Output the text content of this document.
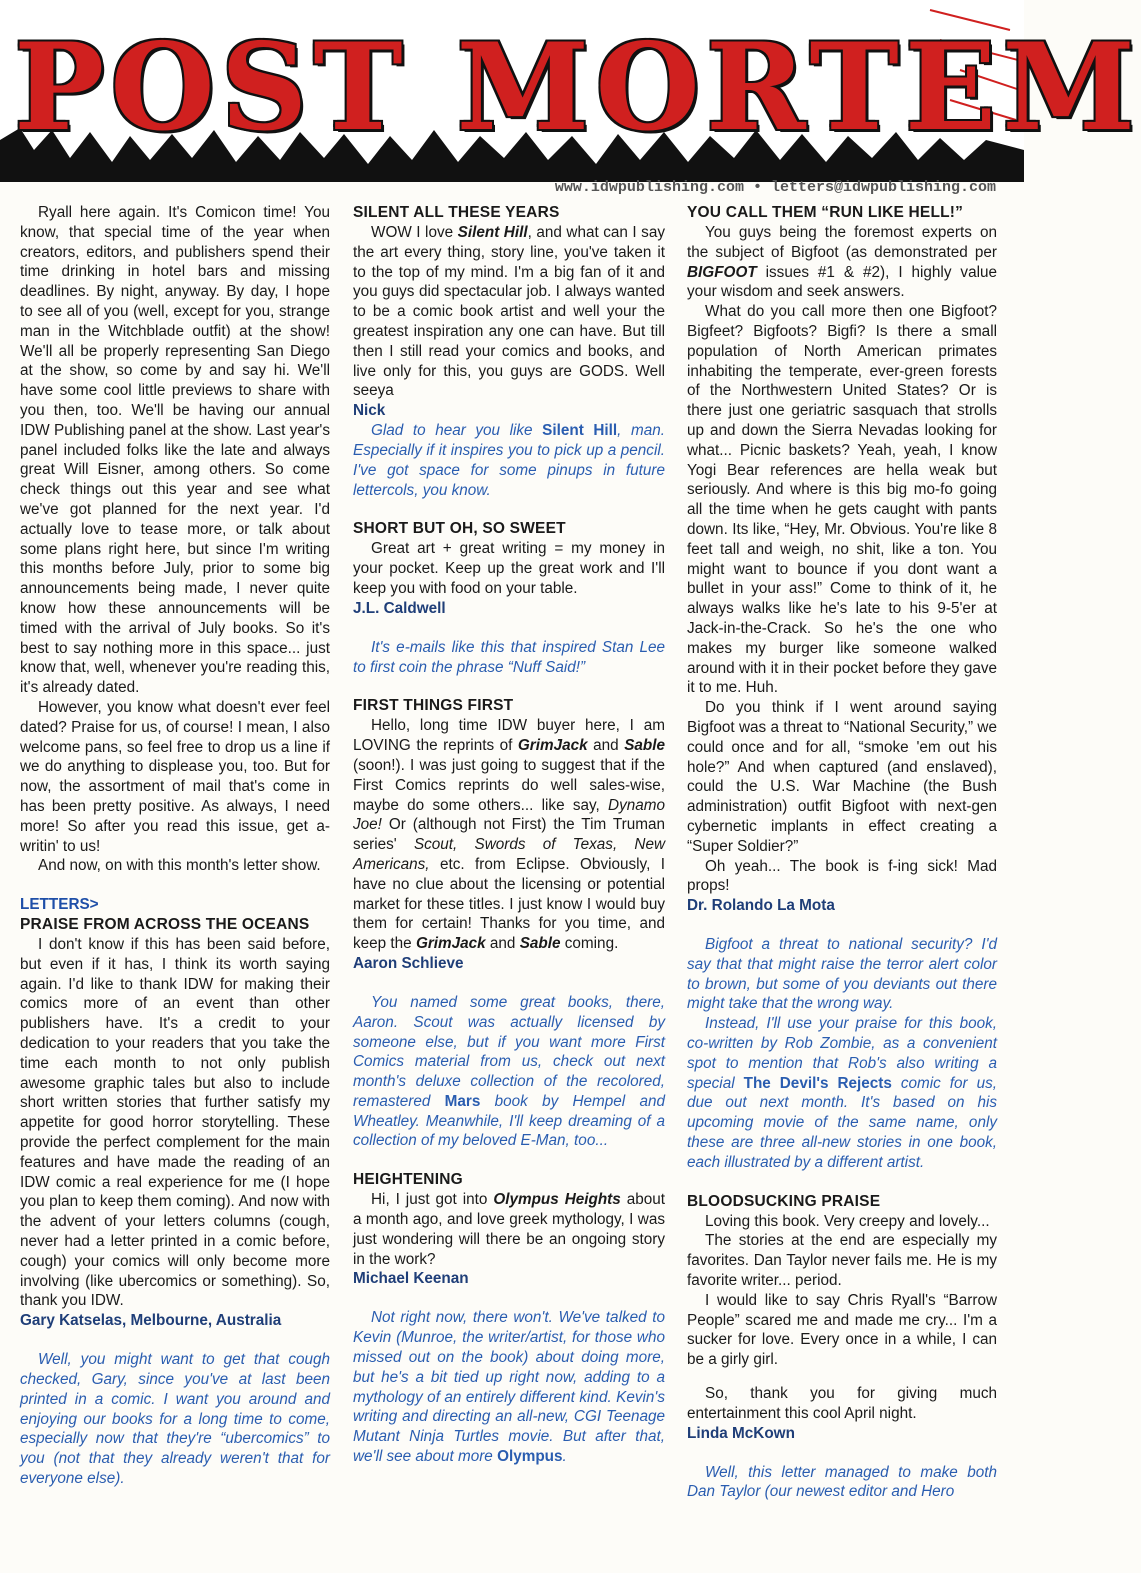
POST MORTEM
www.idwpublishing.com • letters@idwpublishing.com

Ryall here again. It's Comicon time! You know, that special time of the year when creators, editors, and publishers spend their time drinking in hotel bars and missing deadlines. By night, anyway. By day, I hope to see all of you (well, except for you, strange man in the Witchblade outfit) at the show! We'll all be properly representing San Diego at the show, so come by and say hi. We'll have some cool little previews to share with you then, too. We'll be having our annual IDW Publishing panel at the show. Last year's panel included folks like the late and always great Will Eisner, among others. So come check things out this year and see what we've got planned for the next year. I'd actually love to tease more, or talk about some plans right here, but since I'm writing this months before July, prior to some big announcements being made, I never quite know how these announcements will be timed with the arrival of July books. So it's best to say nothing more in this space... just know that, well, whenever you're reading this, it's already dated.

However, you know what doesn't ever feel dated? Praise for us, of course! I mean, I also welcome pans, so feel free to drop us a line if we do anything to displease you, too. But for now, the assortment of mail that's come in has been pretty positive. As always, I need more! So after you read this issue, get a-writin' to us!

And now, on with this month's letter show.

LETTERS>
PRAISE FROM ACROSS THE OCEANS

I don't know if this has been said before, but even if it has, I think its worth saying again. I'd like to thank IDW for making their comics more of an event than other publishers have. It's a credit to your dedication to your readers that you take the time each month to not only publish awesome graphic tales but also to include short written stories that further satisfy my appetite for good horror storytelling. These provide the perfect complement for the main features and have made the reading of an IDW comic a real experience for me (I hope you plan to keep them coming). And now with the advent of your letters columns (cough, never had a letter printed in a comic before, cough) your comics will only become more involving (like ubercomics or something). So, thank you IDW.

Gary Katselas, Melbourne, Australia

Well, you might want to get that cough checked, Gary, since you've at last been printed in a comic. I want you around and enjoying our books for a long time to come, especially now that they're “ubercomics” to you (not that they already weren't that for everyone else).

SILENT ALL THESE YEARS

WOW I love Silent Hill, and what can I say the art every thing, story line, you've taken it to the top of my mind. I'm a big fan of it and you guys did spectacular job. I always wanted to be a comic book artist and well your the greatest inspiration any one can have. But till then I still read your comics and books, and live only for this, you guys are GODS. Well seeya

Nick

Glad to hear you like Silent Hill, man. Especially if it inspires you to pick up a pencil. I've got space for some pinups in future lettercols, you know.

SHORT BUT OH, SO SWEET

Great art + great writing = my money in your pocket. Keep up the great work and I'll keep you with food on your table.

J.L. Caldwell

It's e-mails like this that inspired Stan Lee to first coin the phrase “Nuff Said!”

FIRST THINGS FIRST

Hello, long time IDW buyer here, I am LOVING the reprints of GrimJack and Sable (soon!). I was just going to suggest that if the First Comics reprints do well sales-wise, maybe do some others... like say, Dynamo Joe! Or (although not First) the Tim Truman series' Scout, Swords of Texas, New Americans, etc. from Eclipse. Obviously, I have no clue about the licensing or potential market for these titles. I just know I would buy them for certain! Thanks for you time, and keep the GrimJack and Sable coming.

Aaron Schlieve

You named some great books, there, Aaron. Scout was actually licensed by someone else, but if you want more First Comics material from us, check out next month's deluxe collection of the recolored, remastered Mars book by Hempel and Wheatley. Meanwhile, I'll keep dreaming of a collection of my beloved E-Man, too...

HEIGHTENING

Hi, I just got into Olympus Heights about a month ago, and love greek mythology, I was just wondering will there be an ongoing story in the work?

Michael Keenan

Not right now, there won't. We've talked to Kevin (Munroe, the writer/artist, for those who missed out on the book) about doing more, but he's a bit tied up right now, adding to a mythology of an entirely different kind. Kevin's writing and directing an all-new, CGI Teenage Mutant Ninja Turtles movie. But after that, we'll see about more Olympus.

YOU CALL THEM “RUN LIKE HELL!”

You guys being the foremost experts on the subject of Bigfoot (as demonstrated per BIGFOOT issues #1 & #2), I highly value your wisdom and seek answers.

What do you call more then one Bigfoot? Bigfeet? Bigfoots? Bigfi? Is there a small population of North American primates inhabiting the temperate, ever-green forests of the Northwestern United States? Or is there just one geriatric sasquach that strolls up and down the Sierra Nevadas looking for what... Picnic baskets? Yeah, yeah, I know Yogi Bear references are hella weak but seriously. And where is this big mo-fo going all the time when he gets caught with pants down. Its like, “Hey, Mr. Obvious. You're like 8 feet tall and weigh, no shit, like a ton. You might want to bounce if you dont want a bullet in your ass!” Come to think of it, he always walks like he's late to his 9-5'er at Jack-in-the-Crack. So he's the one who makes my burger like someone walked around with it in their pocket before they gave it to me. Huh.

Do you think if I went around saying Bigfoot was a threat to “National Security,” we could once and for all, “smoke 'em out his hole?” And when captured (and enslaved), could the U.S. War Machine (the Bush administration) outfit Bigfoot with next-gen cybernetic implants in effect creating a “Super Soldier?”

Oh yeah... The book is f-ing sick! Mad props!

Dr. Rolando La Mota

Bigfoot a threat to national security? I'd say that that might raise the terror alert color to brown, but some of you deviants out there might take that the wrong way.

Instead, I'll use your praise for this book, co-written by Rob Zombie, as a convenient spot to mention that Rob's also writing a special The Devil's Rejects comic for us, due out next month. It's based on his upcoming movie of the same name, only these are three all-new stories in one book, each illustrated by a different artist.

BLOODSUCKING PRAISE

Loving this book. Very creepy and lovely...

The stories at the end are especially my favorites. Dan Taylor never fails me. He is my favorite writer... period.

I would like to say Chris Ryall's “Barrow People” scared me and made me cry... I'm a sucker for love. Every once in a while, I can be a girly girl.

So, thank you for giving much entertainment this cool April night.

Linda McKown

Well, this letter managed to make both Dan Taylor (our newest editor and Hero
